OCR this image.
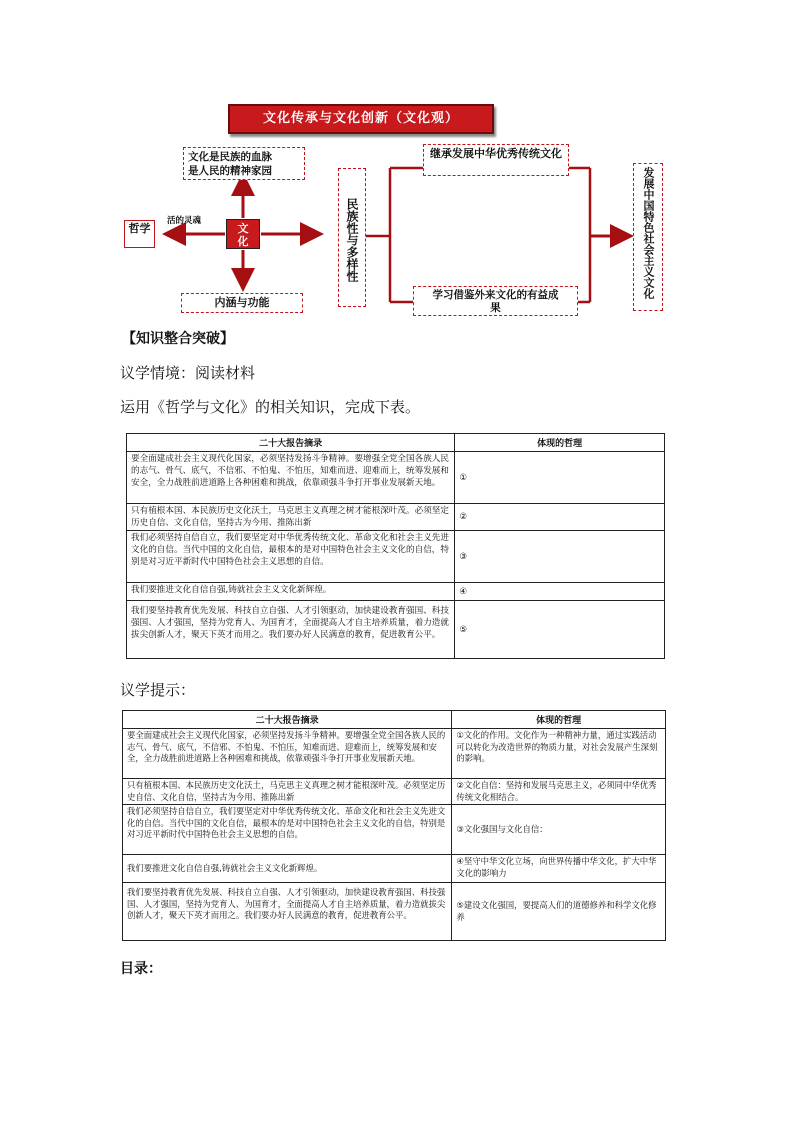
文化传承与文化创新（文化观）
文化是民族的血脉
是人民的精神家园
活的灵魂
哲学	文
化
内涵与功能
民族性与多样性
继承发展中华优秀传统文化
学习借鉴外来文化的有益成果
发展中国特色社会主义文化
【知识整合突破】
议学情境：阅读材料
运用《哲学与文化》的相关知识，完成下表。
二十大报告摘录	体现的哲理
要全面建成社会主义现代化国家，必须坚持发扬斗争精神。要增强全党全国各族人民的志气、骨气、底气，不信邪、不怕鬼、不怕压，知难而进、迎难而上，统筹发展和安全，全力战胜前进道路上各种困难和挑战，依靠顽强斗争打开事业发展新天地。	①
只有植根本国、本民族历史文化沃土，马克思主义真理之树才能根深叶茂。必须坚定历史自信、文化自信，坚持古为今用、推陈出新	②
我们必须坚持自信自立，我们要坚定对中华优秀传统文化、革命文化和社会主义先进文化的自信。当代中国的文化自信，最根本的是对中国特色社会主义文化的自信，特别是对习近平新时代中国特色社会主义思想的自信。	③
我们要推进文化自信自强,铸就社会主义文化新辉煌。	④
我们要坚持教育优先发展、科技自立自强、人才引领驱动，加快建设教育强国、科技强国、人才强国，坚持为党育人、为国育才，全面提高人才自主培养质量，着力造就拔尖创新人才，聚天下英才而用之。我们要办好人民满意的教育，促进教育公平。	⑤
议学提示：
二十大报告摘录	体现的哲理
要全面建成社会主义现代化国家，必须坚持发扬斗争精神。要增强全党全国各族人民的志气、骨气、底气，不信邪、不怕鬼、不怕压，知难而进、迎难而上，统筹发展和安全，全力战胜前进道路上各种困难和挑战，依靠顽强斗争打开事业发展新天地。	①文化的作用。文化作为一种精神力量，通过实践活动可以转化为改造世界的物质力量，对社会发展产生深刻的影响。
只有植根本国、本民族历史文化沃土，马克思主义真理之树才能根深叶茂。必须坚定历史自信、文化自信，坚持古为今用、推陈出新	②文化自信：坚持和发展马克思主义，必须同中华优秀传统文化相结合。
我们必须坚持自信自立，我们要坚定对中华优秀传统文化、革命文化和社会主义先进文化的自信。当代中国的文化自信，最根本的是对中国特色社会主义文化的自信，特别是对习近平新时代中国特色社会主义思想的自信。	③文化强国与文化自信：
我们要推进文化自信自强,铸就社会主义文化新辉煌。	④坚守中华文化立场，向世界传播中华文化，扩大中华文化的影响力
我们要坚持教育优先发展、科技自立自强、人才引领驱动，加快建设教育强国、科技强国、人才强国，坚持为党育人、为国育才，全面提高人才自主培养质量，着力造就拔尖创新人才，聚天下英才而用之。我们要办好人民满意的教育，促进教育公平。	⑤建设文化强国，要提高人们的道德修养和科学文化修养
目录：
